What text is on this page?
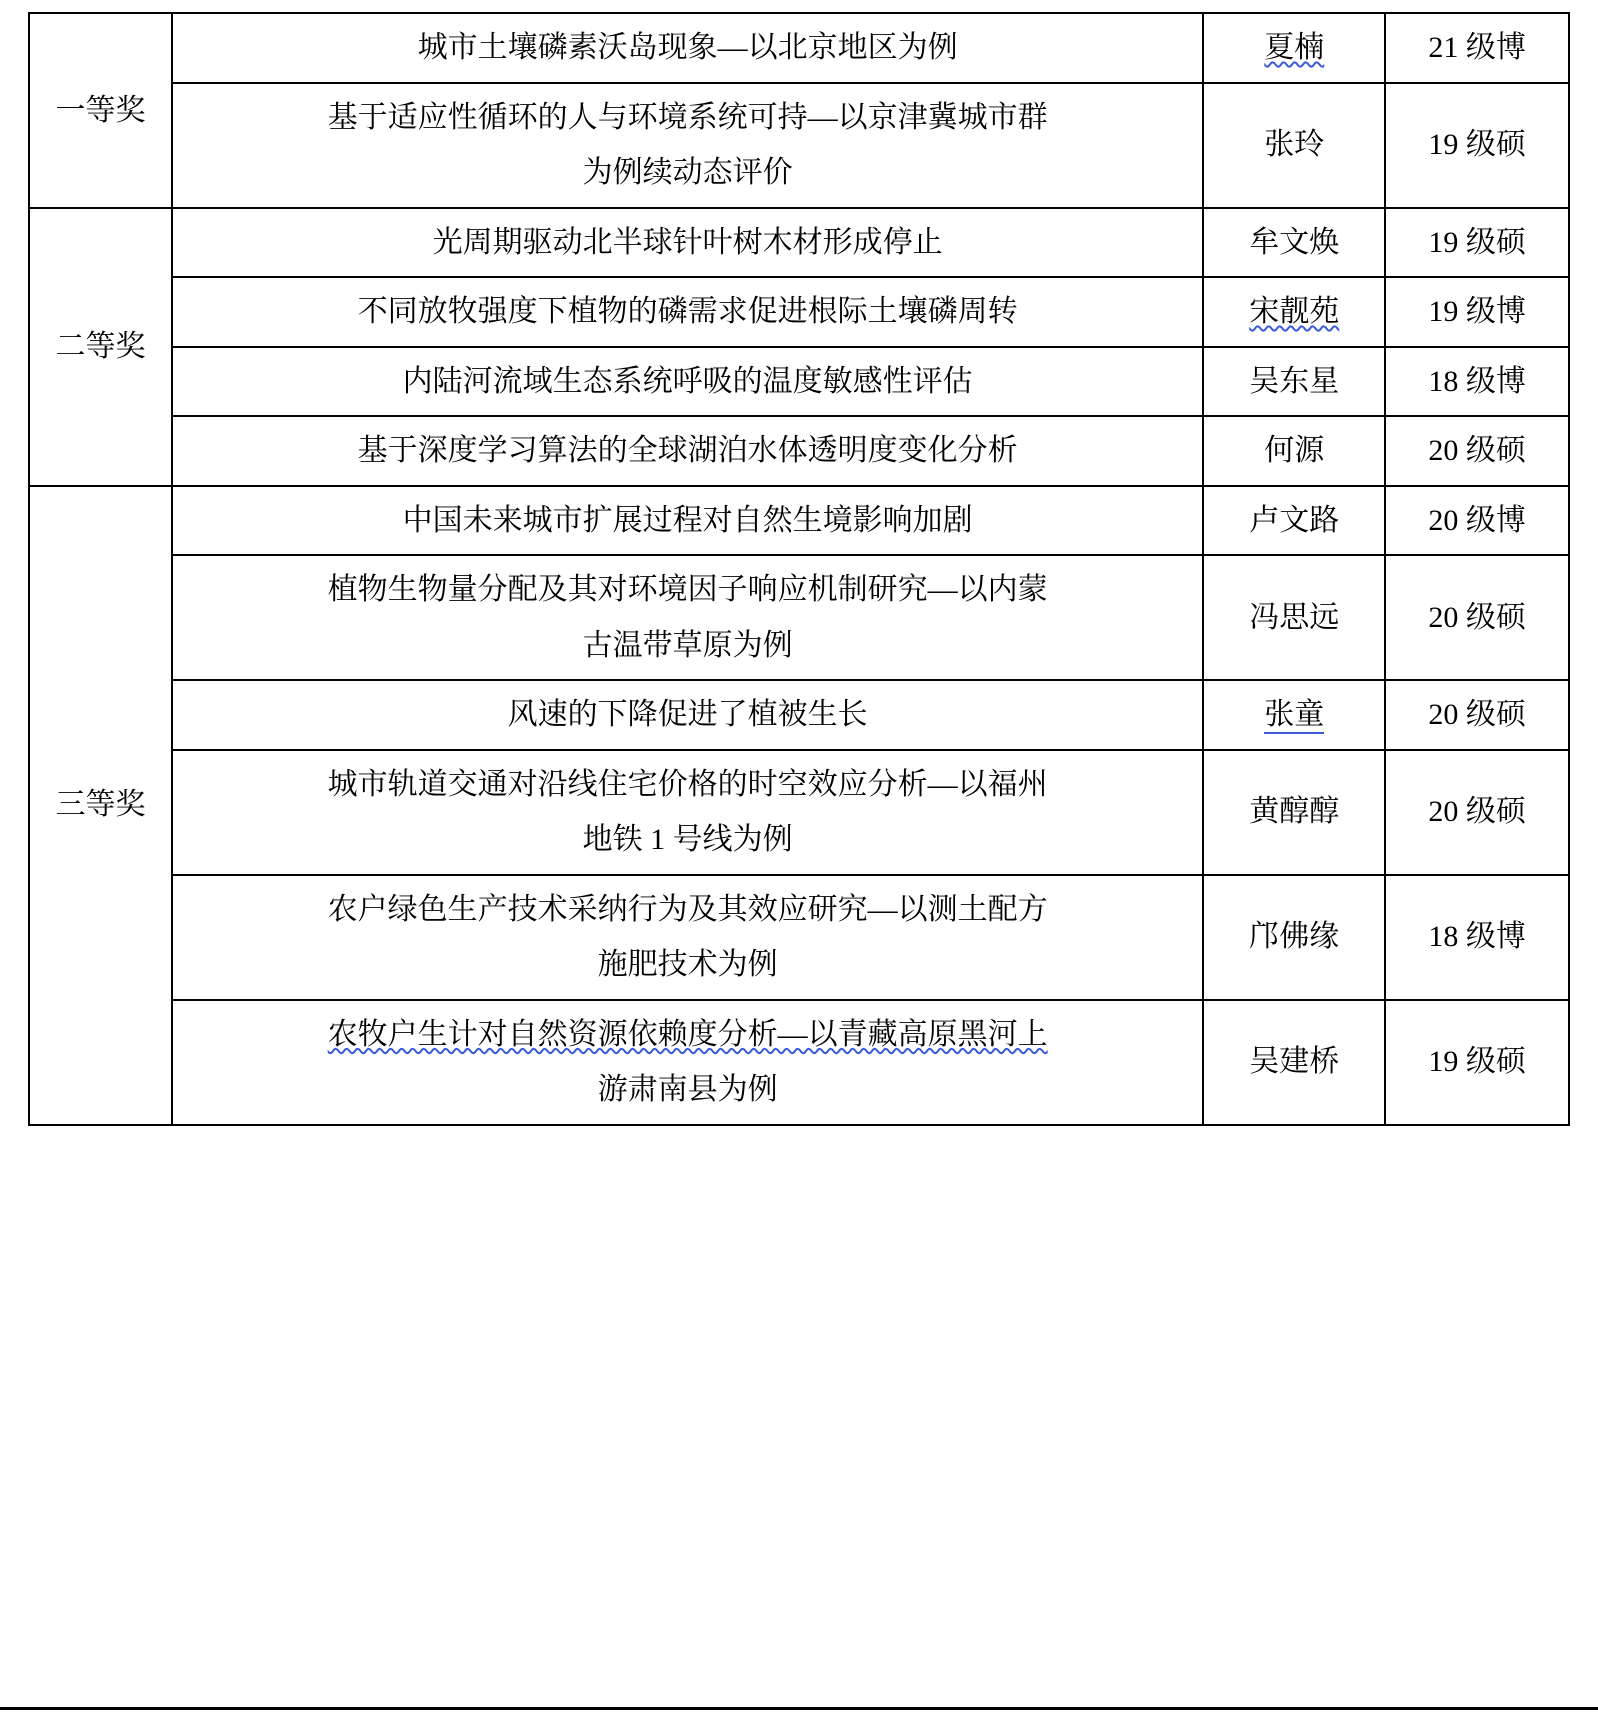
一等奖	城市土壤磷素沃岛现象—以北京地区为例	夏楠	21 级博

	基于适应性循环的人与环境系统可持—以京津冀城市群
为例续动态评价	张玲	19 级硕
二等奖	光周期驱动北半球针叶树木材形成停止	牟文焕	19 级硕

	不同放牧强度下植物的磷需求促进根际土壤磷周转	宋靓苑	19 级博

	内陆河流域生态系统呼吸的温度敏感性评估	吴东星	18 级博

	基于深度学习算法的全球湖泊水体透明度变化分析	何源	20 级硕
三等奖	中国未来城市扩展过程对自然生境影响加剧	卢文路	20 级博

	植物生物量分配及其对环境因子响应机制研究—以内蒙
古温带草原为例	冯思远	20 级硕

	风速的下降促进了植被生长	张童	20 级硕

	城市轨道交通对沿线住宅价格的时空效应分析—以福州
地铁 1 号线为例	黄醇醇	20 级硕

	农户绿色生产技术采纳行为及其效应研究—以测土配方
施肥技术为例	邝佛缘	18 级博

	农牧户生计对自然资源依赖度分析—以青藏高原黑河上
游肃南县为例	吴建桥	19 级硕
